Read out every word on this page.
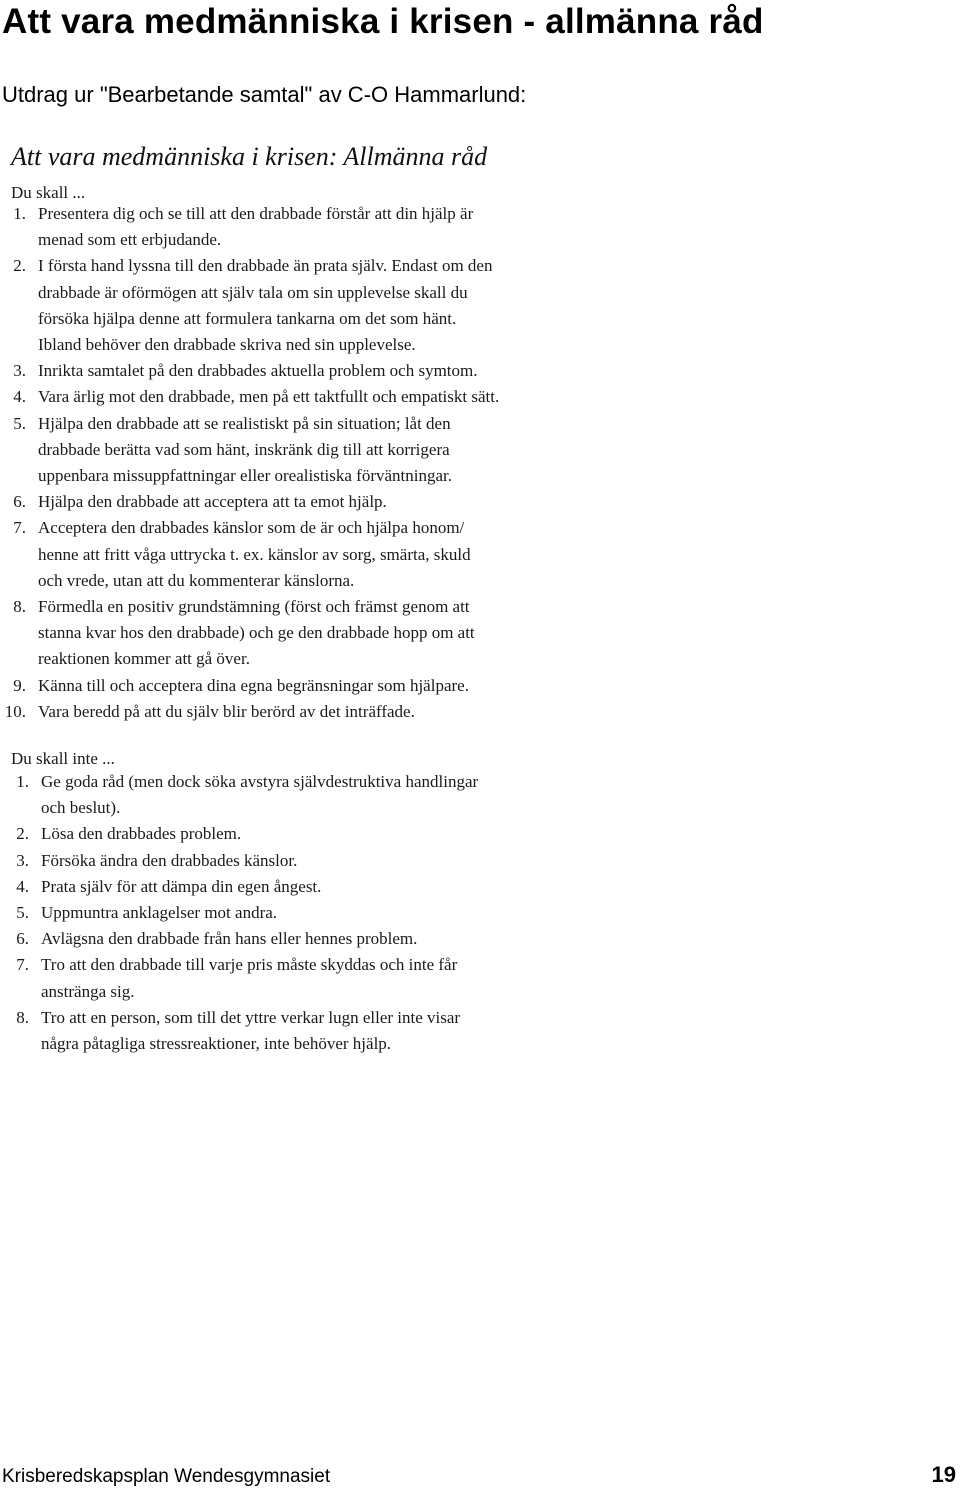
Att vara medmänniska i krisen - allmänna råd

Utdrag ur "Bearbetande samtal" av C-O Hammarlund:

Att vara medmänniska i krisen: Allmänna råd
Du skall ...
1. Presentera dig och se till att den drabbade förstår att din hjälp är
menad som ett erbjudande.
2. I första hand lyssna till den drabbade än prata själv. Endast om den
drabbade är oförmögen att själv tala om sin upplevelse skall du
försöka hjälpa denne att formulera tankarna om det som hänt.
Ibland behöver den drabbade skriva ned sin upplevelse.
3. Inrikta samtalet på den drabbades aktuella problem och symtom.
4. Vara ärlig mot den drabbade, men på ett taktfullt och empatiskt sätt.
5. Hjälpa den drabbade att se realistiskt på sin situation; låt den
drabbade berätta vad som hänt, inskränk dig till att korrigera
uppenbara missuppfattningar eller orealistiska förväntningar.
6. Hjälpa den drabbade att acceptera att ta emot hjälp.
7. Acceptera den drabbades känslor som de är och hjälpa honom/
henne att fritt våga uttrycka t. ex. känslor av sorg, smärta, skuld
och vrede, utan att du kommenterar känslorna.
8. Förmedla en positiv grundstämning (först och främst genom att
stanna kvar hos den drabbade) och ge den drabbade hopp om att
reaktionen kommer att gå över.
9. Känna till och acceptera dina egna begränsningar som hjälpare.
10. Vara beredd på att du själv blir berörd av det inträffade.
Du skall inte ...
1. Ge goda råd (men dock söka avstyra självdestruktiva handlingar
och beslut).
2. Lösa den drabbades problem.
3. Försöka ändra den drabbades känslor.
4. Prata själv för att dämpa din egen ångest.
5. Uppmuntra anklagelser mot andra.
6. Avlägsna den drabbade från hans eller hennes problem.
7. Tro att den drabbade till varje pris måste skyddas och inte får
anstränga sig.
8. Tro att en person, som till det yttre verkar lugn eller inte visar
några påtagliga stressreaktioner, inte behöver hjälp.
Krisberedskapsplan Wendesgymnasiet	19
